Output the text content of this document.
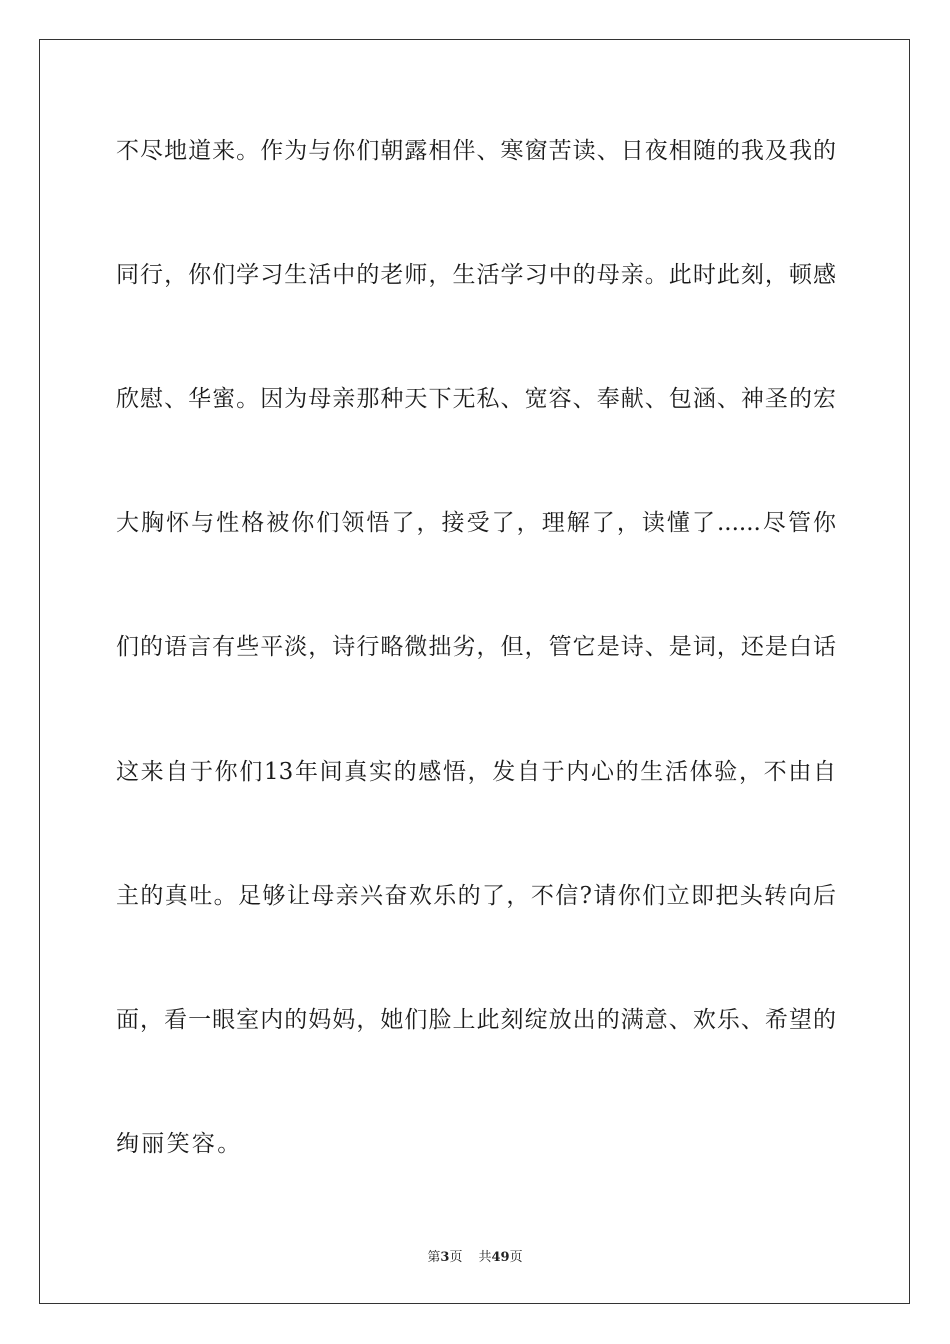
不尽地道来。作为与你们朝露相伴、寒窗苦读、日夜相随的我及我的
同行，你们学习生活中的老师，生活学习中的母亲。此时此刻，顿感
欣慰、华蜜。因为母亲那种天下无私、宽容、奉献、包涵、神圣的宏
大胸怀与性格被你们领悟了，接受了，理解了，读懂了......尽管你
们的语言有些平淡，诗行略微拙劣，但，管它是诗、是词，还是白话
这来自于你们13年间真实的感悟，发自于内心的生活体验，不由自
主的真吐。足够让母亲兴奋欢乐的了，不信?请你们立即把头转向后
面，看一眼室内的妈妈，她们脸上此刻绽放出的满意、欢乐、希望的
绚丽笑容。
第3页 共49页
